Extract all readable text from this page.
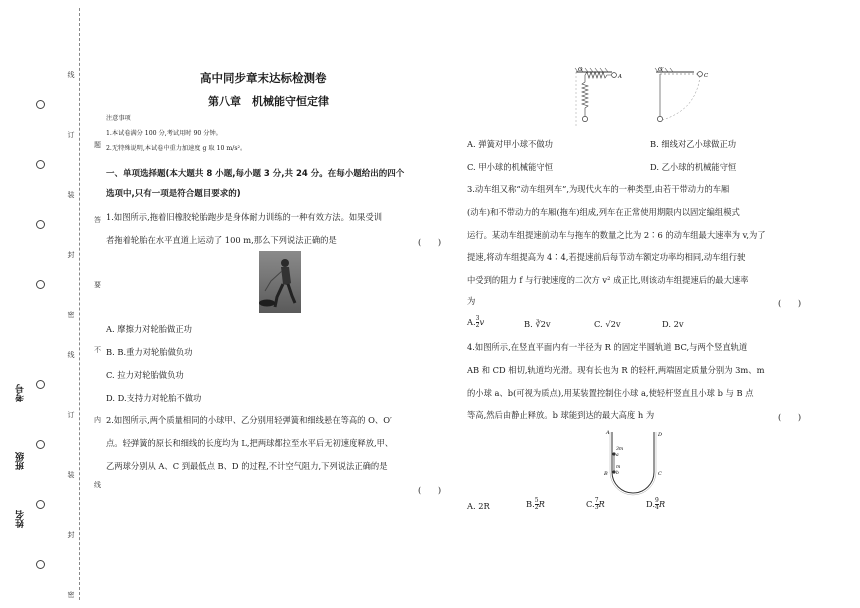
线
订
装
封
密
线
订
装
封
密
题
答
要
不
内
线
考号
班级
姓名
高中同步章末达标检测卷
第八章　机械能守恒定律
注意事项
1.本试卷满分 100 分,考试用时 90 分钟。
2.无特殊说明,本试卷中重力加速度 g 取 10 m/s²。
一、单项选择题(本大题共 8 小题,每小题 3 分,共 24 分。在每小题给出的四个
选项中,只有一项是符合题目要求的)
1.如图所示,拖着旧橡胶轮胎跑步是身体耐力训练的一种有效方法。如果受训
者拖着轮胎在水平直道上运动了 100 m,那么下列说法正确的是	(　　)
A. 摩擦力对轮胎做正功
B. B.重力对轮胎做负功
C. 拉力对轮胎做负功
D. D.支持力对轮胎不做功
2.如图所示,两个质量相同的小球甲、乙分别用轻弹簧和细线悬在等高的 O、O′
点。轻弹簧的原长和细线的长度均为 L,把两球都拉至水平后无初速度释放,甲、
乙两球分别从 A、C 到最低点 B、D 的过程,不计空气阻力,下列说法正确的是
(　　)
O
A
O′
C
A. 弹簧对甲小球不做功	B. 细线对乙小球做正功
C. 甲小球的机械能守恒	D. 乙小球的机械能守恒
3.动车组又称“动车组列车”,为现代火车的一种类型,由若干带动力的车厢
(动车)和不带动力的车厢(拖车)组成,列车在正常使用期限内以固定编组模式
运行。某动车组提速前动车与拖车的数量之比为 2∶6 的动车组最大速率为 v,为了
提速,将动车组提高为 4∶4,若提速前后每节动车额定功率均相同,动车组行驶
中受到的阻力 f 与行驶速度的二次方 v² 成正比,则该动车组提速后的最大速率
为	(　　)
A. $\frac{3}{2}$ v	B. ∛2v	C. √2v	D. 2v
4.如图所示,在竖直平面内有一半径为 R 的固定半圆轨道 BC,与两个竖直轨道
AB 和 CD 相切,轨道均光滑。现有长也为 R 的轻杆,两端固定质量分别为 3m、m
的小球 a、b(可视为质点),用某装置控制住小球 a,使轻杆竖直且小球 b 与 B 点
等高,然后由静止释放。b 球能到达的最大高度 h 为	(　　)
A	D
3m
a
m
b
B	C
A. 2R	B. $\frac{5}{2}$ R	C. $\frac{7}{3}$ R	D. $\frac{9}{4}$ R
